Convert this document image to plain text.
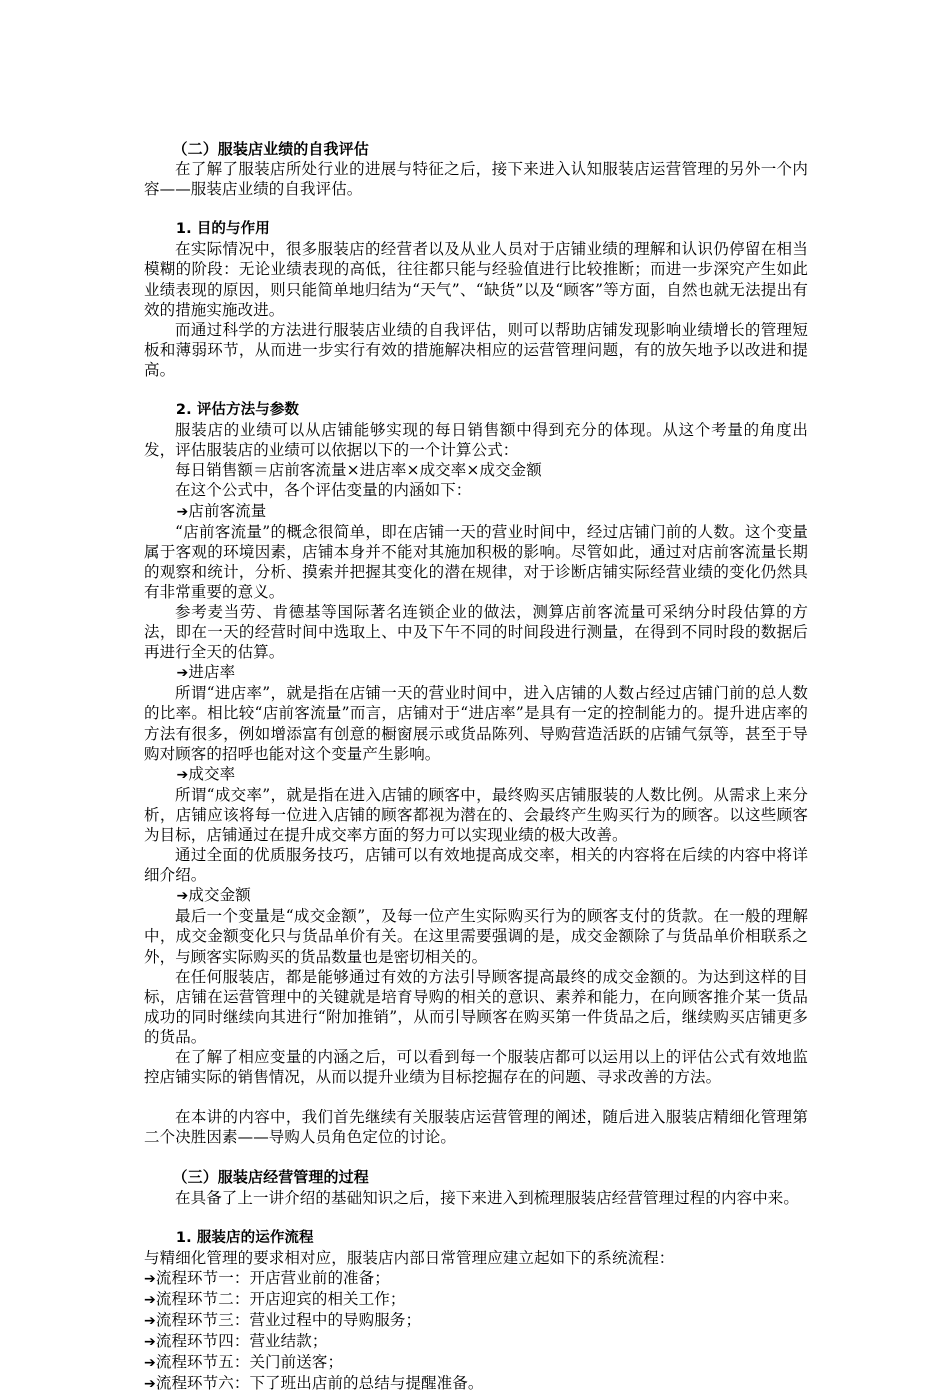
（二）服装店业绩的自我评估

在了解了服装店所处行业的进展与特征之后，接下来进入认知服装店运营管理的另外一个内容——服装店业绩的自我评估。

1. 目的与作用

在实际情况中，很多服装店的经营者以及从业人员对于店铺业绩的理解和认识仍停留在相当模糊的阶段：无论业绩表现的高低，往往都只能与经验值进行比较推断；而进一步深究产生如此业绩表现的原因，则只能简单地归结为“天气”、“缺货”以及“顾客”等方面，自然也就无法提出有效的措施实施改进。

而通过科学的方法进行服装店业绩的自我评估，则可以帮助店铺发现影响业绩增长的管理短板和薄弱环节，从而进一步实行有效的措施解决相应的运营管理问题，有的放矢地予以改进和提高。

2. 评估方法与参数

服装店的业绩可以从店铺能够实现的每日销售额中得到充分的体现。从这个考量的角度出发，评估服装店的业绩可以依据以下的一个计算公式：

每日销售额＝店前客流量×进店率×成交率×成交金额

在这个公式中，各个评估变量的内涵如下：

➔店前客流量

“店前客流量”的概念很简单，即在店铺一天的营业时间中，经过店铺门前的人数。这个变量属于客观的环境因素，店铺本身并不能对其施加积极的影响。尽管如此，通过对店前客流量长期的观察和统计，分析、摸索并把握其变化的潜在规律，对于诊断店铺实际经营业绩的变化仍然具有非常重要的意义。

参考麦当劳、肯德基等国际著名连锁企业的做法，测算店前客流量可采纳分时段估算的方法，即在一天的经营时间中选取上、中及下午不同的时间段进行测量，在得到不同时段的数据后再进行全天的估算。

➔进店率

所谓“进店率”，就是指在店铺一天的营业时间中，进入店铺的人数占经过店铺门前的总人数的比率。相比较“店前客流量”而言，店铺对于“进店率”是具有一定的控制能力的。提升进店率的方法有很多，例如增添富有创意的橱窗展示或货品陈列、导购营造活跃的店铺气氛等，甚至于导购对顾客的招呼也能对这个变量产生影响。

➔成交率

所谓“成交率”，就是指在进入店铺的顾客中，最终购买店铺服装的人数比例。从需求上来分析，店铺应该将每一位进入店铺的顾客都视为潜在的、会最终产生购买行为的顾客。以这些顾客为目标，店铺通过在提升成交率方面的努力可以实现业绩的极大改善。

通过全面的优质服务技巧，店铺可以有效地提高成交率，相关的内容将在后续的内容中将详细介绍。

➔成交金额

最后一个变量是“成交金额”，及每一位产生实际购买行为的顾客支付的货款。在一般的理解中，成交金额变化只与货品单价有关。在这里需要强调的是，成交金额除了与货品单价相联系之外，与顾客实际购买的货品数量也是密切相关的。

在任何服装店，都是能够通过有效的方法引导顾客提高最终的成交金额的。为达到这样的目标，店铺在运营管理中的关键就是培育导购的相关的意识、素养和能力，在向顾客推介某一货品成功的同时继续向其进行“附加推销”，从而引导顾客在购买第一件货品之后，继续购买店铺更多的货品。

在了解了相应变量的内涵之后，可以看到每一个服装店都可以运用以上的评估公式有效地监控店铺实际的销售情况，从而以提升业绩为目标挖掘存在的问题、寻求改善的方法。

在本讲的内容中，我们首先继续有关服装店运营管理的阐述，随后进入服装店精细化管理第二个决胜因素——导购人员角色定位的讨论。

（三）服装店经营管理的过程

在具备了上一讲介绍的基础知识之后，接下来进入到梳理服装店经营管理过程的内容中来。

1. 服装店的运作流程

与精细化管理的要求相对应，服装店内部日常管理应建立起如下的系统流程：

➔流程环节一：开店营业前的准备；

➔流程环节二：开店迎宾的相关工作；

➔流程环节三：营业过程中的导购服务；

➔流程环节四：营业结款；

➔流程环节五：关门前送客；

➔流程环节六：下了班出店前的总结与提醒准备。
